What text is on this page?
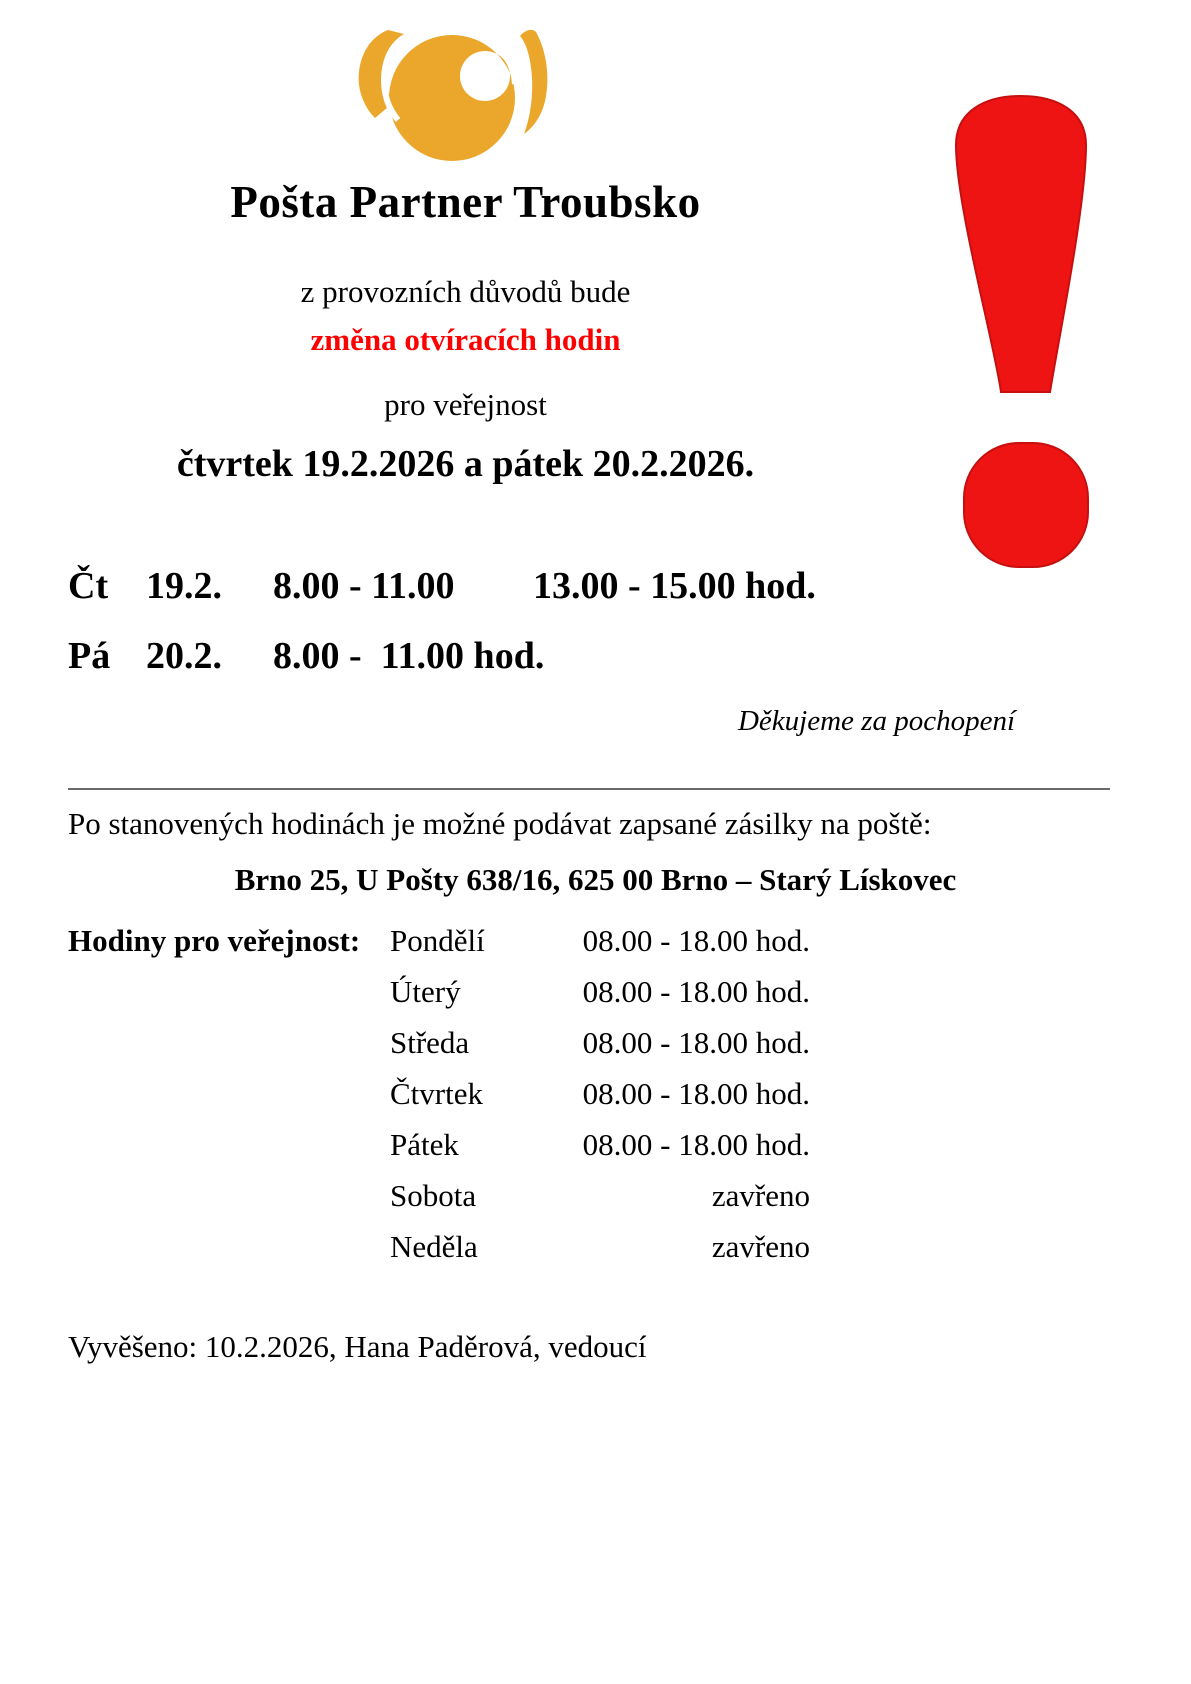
Pošta Partner Troubsko
z provozních důvodů bude
změna otvíracích hodin
pro veřejnost
čtvrtek 19.2.2026 a pátek 20.2.2026.
Čt 19.2. 8.00 - 11.00 13.00 - 15.00 hod.
Pá 20.2. 8.00 -  11.00 hod.
Děkujeme za pochopení
Po stanovených hodinách je možné podávat zapsané zásilky na poště:
Brno 25, U Pošty 638/16, 625 00 Brno – Starý Lískovec
Hodiny pro veřejnost: Pondělí	08.00 - 18.00 hod.
Úterý	08.00 - 18.00 hod.
Středa	08.00 - 18.00 hod.
Čtvrtek	08.00 - 18.00 hod.
Pátek	08.00 - 18.00 hod.
Sobota	zavřeno
Neděla	zavřeno
Vyvěšeno: 10.2.2026, Hana Paděrová, vedoucí
